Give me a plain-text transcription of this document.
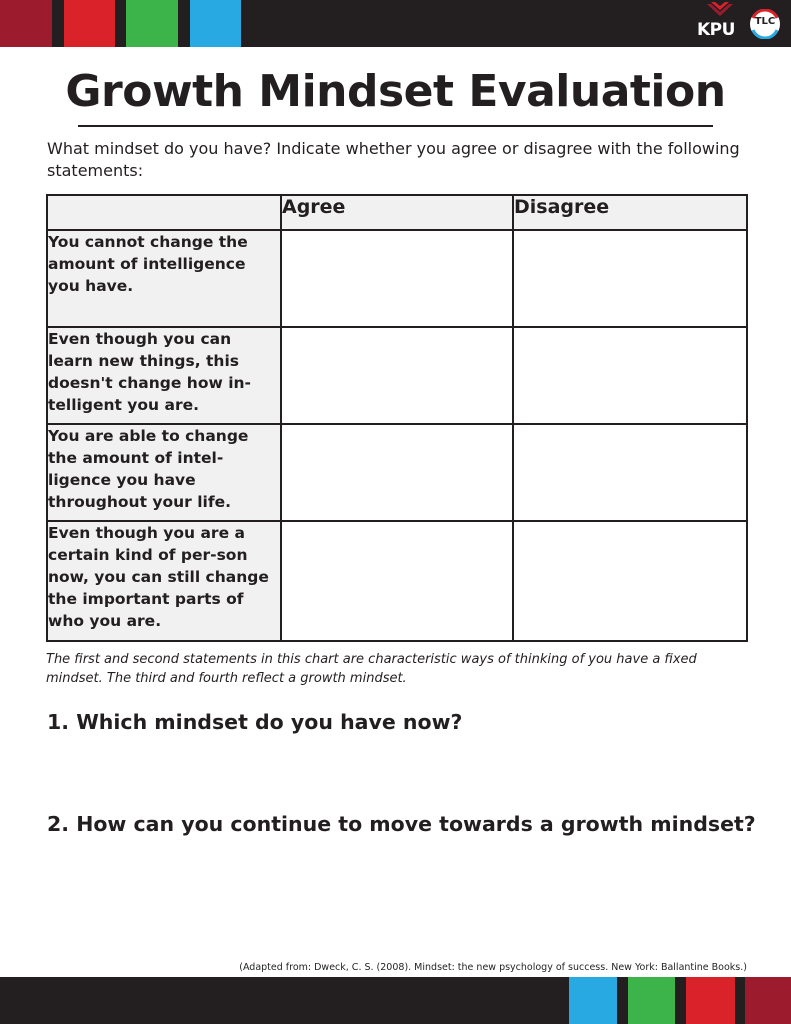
KPU	TLC
Growth Mindset Evaluation
What mindset do you have? Indicate whether you agree or disagree with the following statements:
	Agree	Disagree
You cannot change the amount of intelligence you have.		
Even though you can learn new things, this doesn't change how in-telligent you are.		
You are able to change the amount of intel-ligence you have throughout your life.		
Even though you are a certain kind of per-son now, you can still change the important parts of who you are.		
The first and second statements in this chart are characteristic ways of thinking of you have a fixed mindset. The third and fourth reflect a growth mindset.
1. Which mindset do you have now?
2. How can you continue to move towards a growth mindset?
(Adapted from: Dweck, C. S. (2008). Mindset: the new psychology of success. New York: Ballantine Books.)
